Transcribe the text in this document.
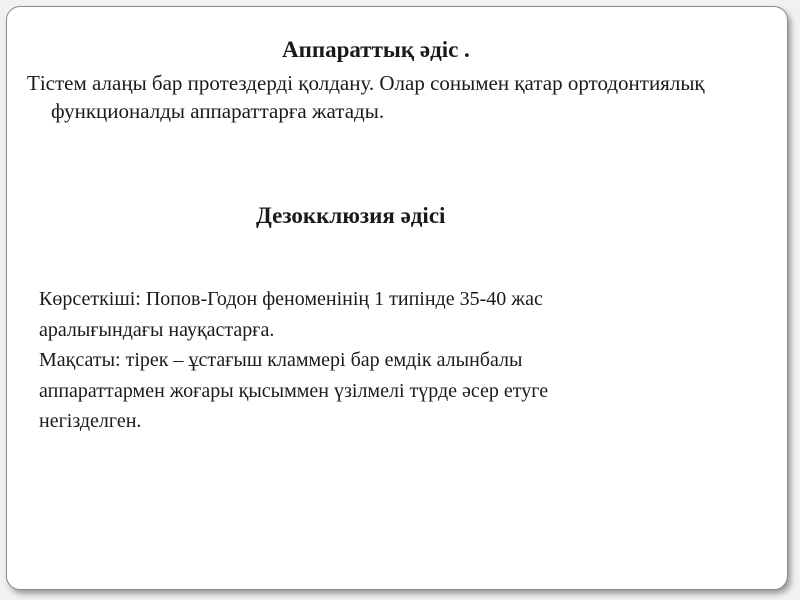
Аппараттық әдіс .

Тістем алаңы бар протездерді қолдану. Олар сонымен қатар ортодонтиялық функционалды аппараттарға жатады.

Дезокклюзия әдісі

Көрсеткіші: Попов-Годон феноменінің 1 типінде 35-40 жас
аралығындағы науқастарға.
Мақсаты: тірек – ұстағыш кламмері бар емдік алынбалы
аппараттармен жоғары қысыммен үзілмелі түрде әсер етуге
негізделген.
